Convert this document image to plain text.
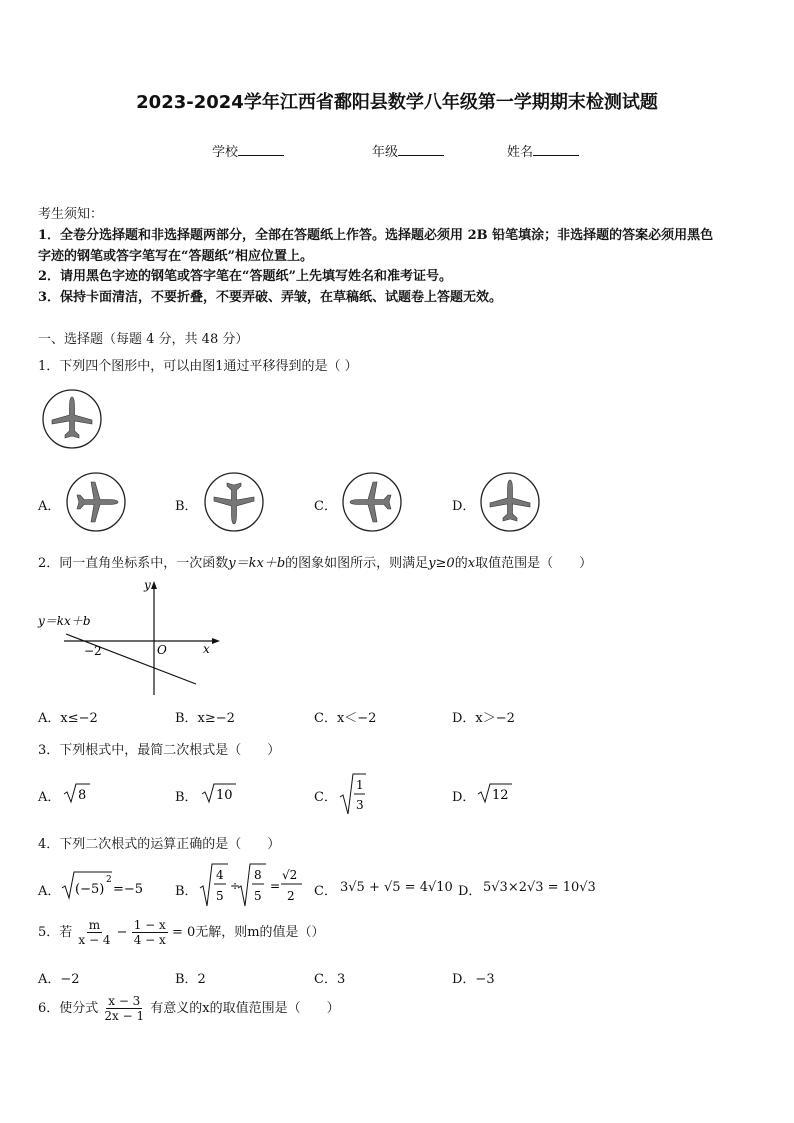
2023-2024学年江西省鄱阳县数学八年级第一学期期末检测试题
学校	年级	姓名
考生须知：
1．全卷分选择题和非选择题两部分，全部在答题纸上作答。选择题必须用 2B 铅笔填涂；非选择题的答案必须用黑色
字迹的钢笔或答字笔写在“答题纸”相应位置上。
2．请用黑色字迹的钢笔或答字笔在“答题纸”上先填写姓名和准考证号。
3．保持卡面清洁，不要折叠，不要弄破、弄皱，在草稿纸、试题卷上答题无效。
一、选择题（每题 4 分，共 48 分）
1．下列四个图形中，可以由图1通过平移得到的是（ ）
A．	B．	C．	D．
2．同一直角坐标系中，一次函数y＝kx＋b的图象如图所示，则满足y≥0的x取值范围是（　　）
y
x
O
−2
y＝kx＋b
A．x≤−2	B．x≥−2	C．x＜−2	D．x＞−2
3．下列根式中，最简二次根式是（　　）
A． 8	B． 10	C．
1
3	D． 12
4．下列二次根式的运算正确的是（　　）
A． (−5)
2
=−5 B．
4
5
÷
8
5
=
√2
2 C． 3√5 + √5 = 4√10 D． 5√3×2√3 = 10√3
5．若 $\frac{m}{x - 4} - \frac{1 - x}{4 - x} = 0$无解，则m的值是（）
A．−2	B．2	C．3	D．−3
6．使分式 $\frac{x - 3}{2x - 1}$ 有意义的x的取值范围是（　　）
